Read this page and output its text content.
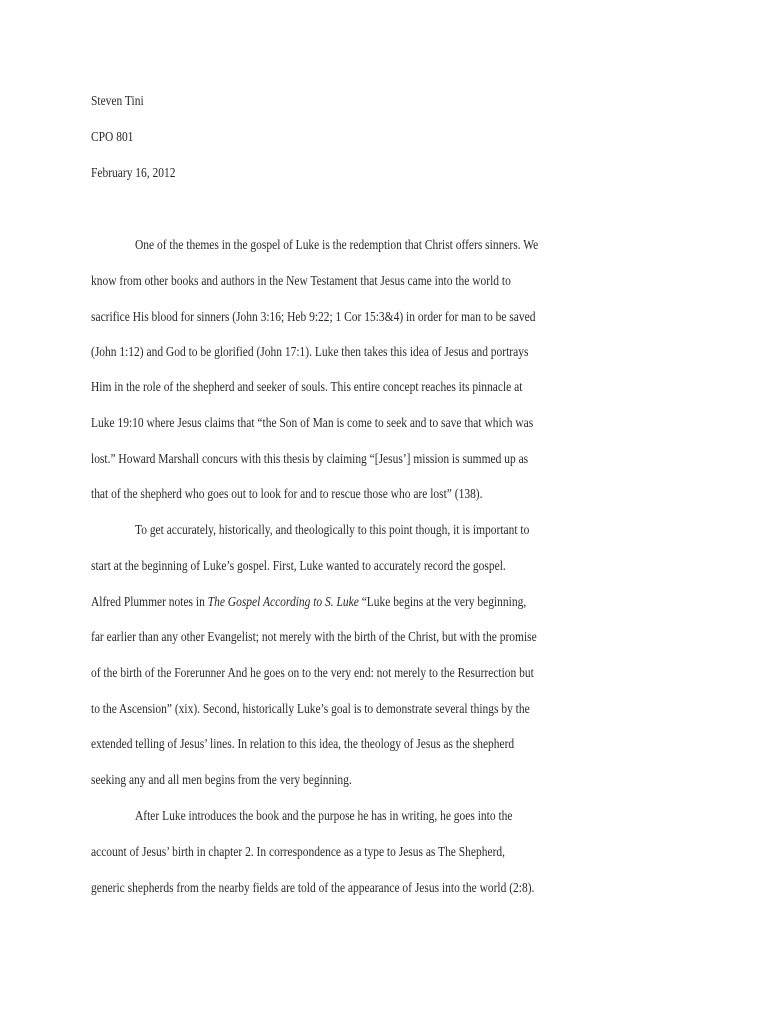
Steven Tini

CPO 801

February 16, 2012

One of the themes in the gospel of Luke is the redemption that Christ offers sinners. We

know from other books and authors in the New Testament that Jesus came into the world to

sacrifice His blood for sinners (John 3:16; Heb 9:22; 1 Cor 15:3&4) in order for man to be saved

(John 1:12) and God to be glorified (John 17:1). Luke then takes this idea of Jesus and portrays

Him in the role of the shepherd and seeker of souls. This entire concept reaches its pinnacle at

Luke 19:10 where Jesus claims that “the Son of Man is come to seek and to save that which was

lost.” Howard Marshall concurs with this thesis by claiming “[Jesus’] mission is summed up as

that of the shepherd who goes out to look for and to rescue those who are lost” (138).

To get accurately, historically, and theologically to this point though, it is important to

start at the beginning of Luke’s gospel. First, Luke wanted to accurately record the gospel.

Alfred Plummer notes in The Gospel According to S. Luke “Luke begins at the very beginning,

far earlier than any other Evangelist; not merely with the birth of the Christ, but with the promise

of the birth of the Forerunner And he goes on to the very end: not merely to the Resurrection but

to the Ascension” (xix). Second, historically Luke’s goal is to demonstrate several things by the

extended telling of Jesus’ lines. In relation to this idea, the theology of Jesus as the shepherd

seeking any and all men begins from the very beginning.

After Luke introduces the book and the purpose he has in writing, he goes into the

account of Jesus’ birth in chapter 2. In correspondence as a type to Jesus as The Shepherd,

generic shepherds from the nearby fields are told of the appearance of Jesus into the world (2:8).
